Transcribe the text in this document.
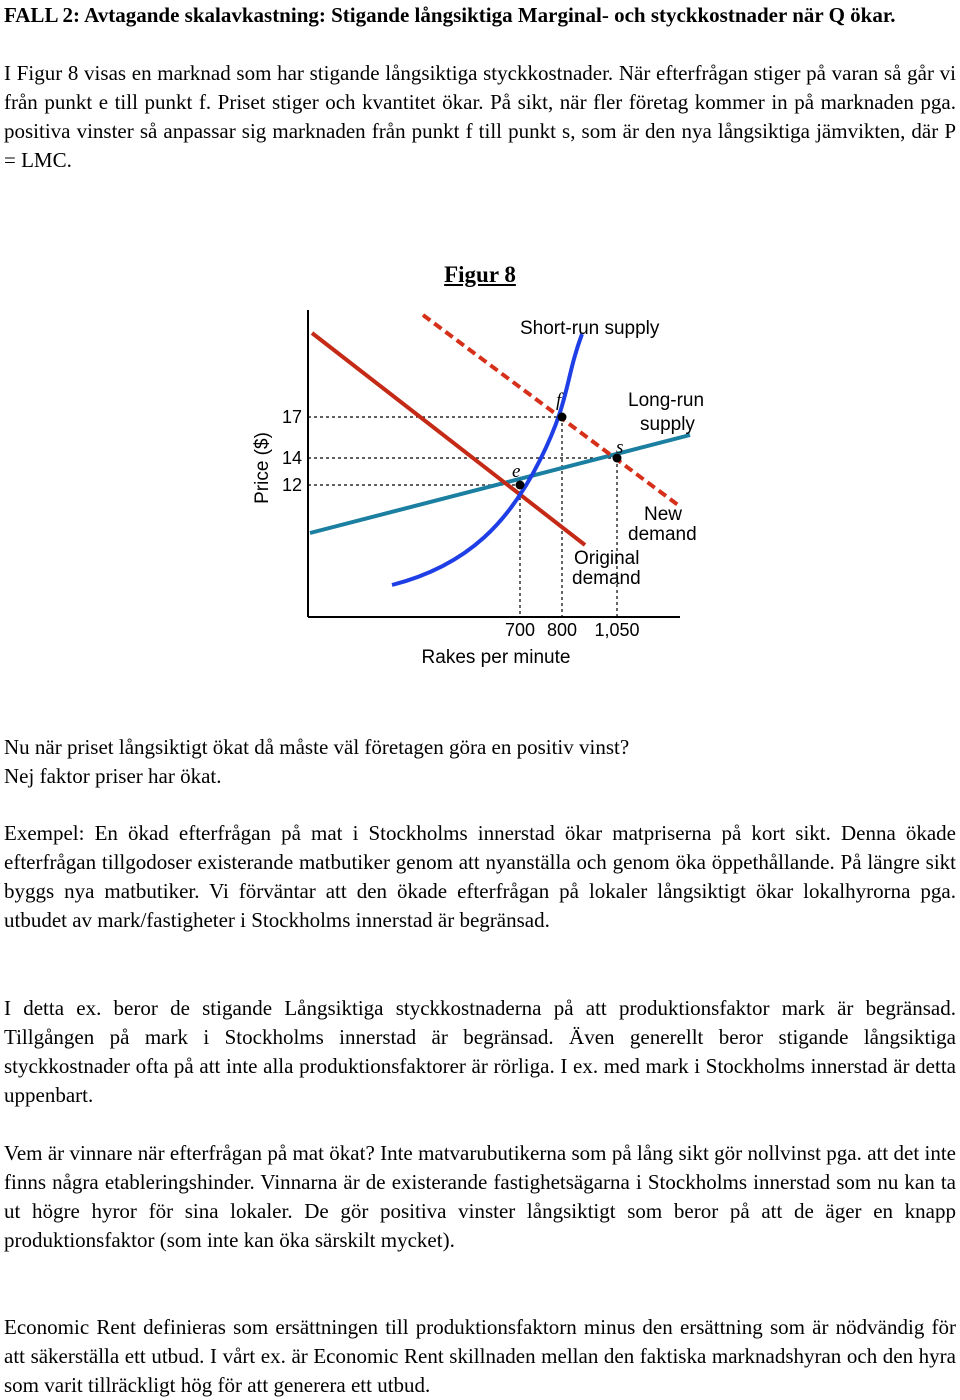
FALL 2: Avtagande skalavkastning: Stigande långsiktiga Marginal- och styckkostnader när Q ökar.

I Figur 8 visas en marknad som har stigande långsiktiga styckkostnader. När efterfrågan stiger på varan så går vi från punkt e till punkt f. Priset stiger och kvantitet ökar. På sikt, när fler företag kommer in på marknaden pga. positiva vinster så anpassar sig marknaden från punkt f till punkt s, som är den nya långsiktiga jämvikten, där P = LMC.

Figur 8
e
f
s
17
14
12
700 800 1,050
Rakes per minute
Price ($)
Short-run supply
Long-run
supply
New
demand
Original
demand

Nu när priset långsiktigt ökat då måste väl företagen göra en positiv vinst?

Nej faktor priser har ökat.

Exempel: En ökad efterfrågan på mat i Stockholms innerstad ökar matpriserna på kort sikt. Denna ökade efterfrågan tillgodoser existerande matbutiker genom att nyanställa och genom öka öppethållande. På längre sikt byggs nya matbutiker. Vi förväntar att den ökade efterfrågan på lokaler långsiktigt ökar lokalhyrorna pga. utbudet av mark/fastigheter i Stockholms innerstad är begränsad.

I detta ex. beror de stigande Långsiktiga styckkostnaderna på att produktionsfaktor mark är begränsad. Tillgången på mark i Stockholms innerstad är begränsad. Även generellt beror stigande långsiktiga styckkostnader ofta på att inte alla produktionsfaktorer är rörliga. I ex. med mark i Stockholms innerstad är detta uppenbart.

Vem är vinnare när efterfrågan på mat ökat? Inte matvarubutikerna som på lång sikt gör nollvinst pga. att det inte finns några etableringshinder. Vinnarna är de existerande fastighetsägarna i Stockholms innerstad som nu kan ta ut högre hyror för sina lokaler. De gör positiva vinster långsiktigt som beror på att de äger en knapp produktionsfaktor (som inte kan öka särskilt mycket).

Economic Rent definieras som ersättningen till produktionsfaktorn minus den ersättning som är nödvändig för att säkerställa ett utbud. I vårt ex. är Economic Rent skillnaden mellan den faktiska marknadshyran och den hyra som varit tillräckligt hög för att generera ett utbud.
